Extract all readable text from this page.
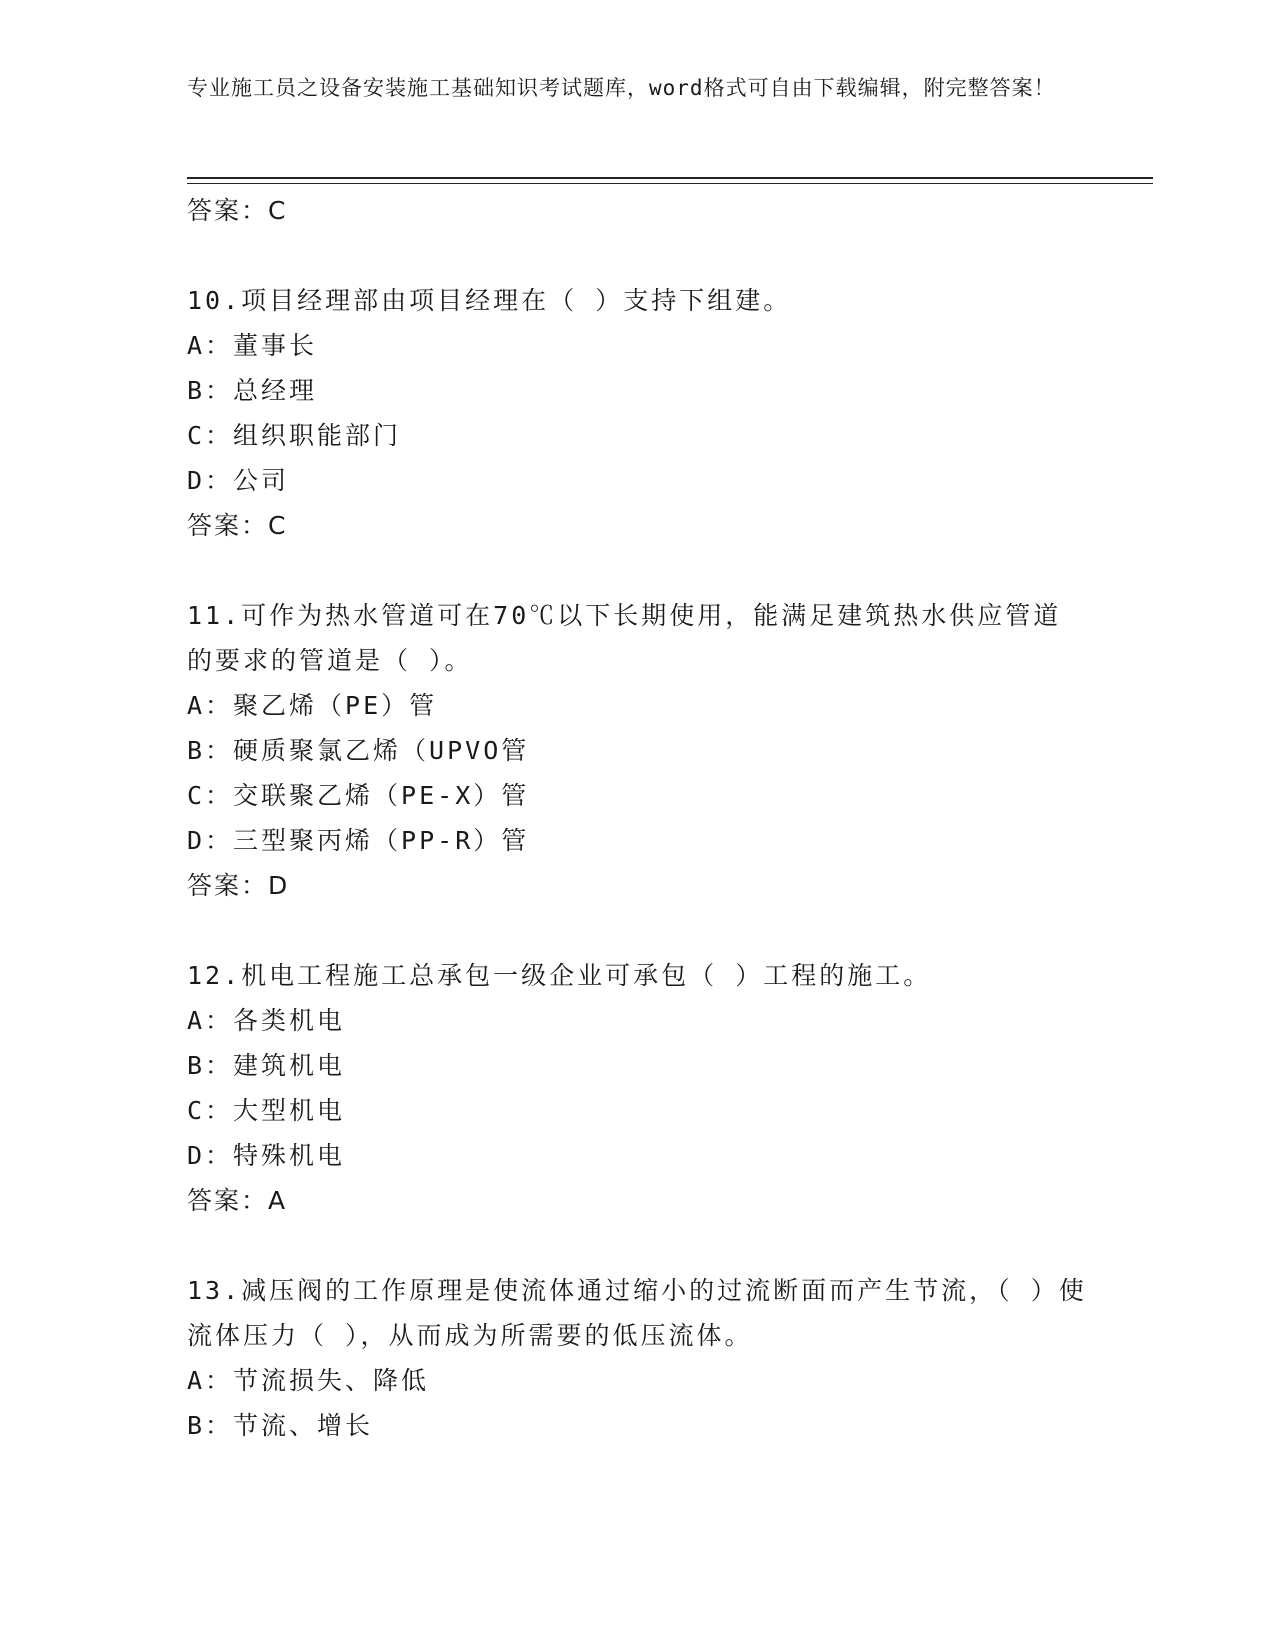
专业施工员之设备安装施工基础知识考试题库，word格式可自由下载编辑，附完整答案！
答案：C
10.项目经理部由项目经理在（ ）支持下组建。
A：董事长
B：总经理
C：组织职能部门
D：公司
答案：C
11.可作为热水管道可在70℃以下长期使用，能满足建筑热水供应管道的要求的管道是（ ）。
A：聚乙烯（PE）管
B：硬质聚氯乙烯（UPVO管
C：交联聚乙烯（PE-X）管
D：三型聚丙烯（PP-R）管
答案：D
12.机电工程施工总承包一级企业可承包（ ）工程的施工。
A：各类机电
B：建筑机电
C：大型机电
D：特殊机电
答案：A
13.减压阀的工作原理是使流体通过缩小的过流断面而产生节流，（ ）使流体压力（ ），从而成为所需要的低压流体。
A：节流损失、降低
B：节流、增长
